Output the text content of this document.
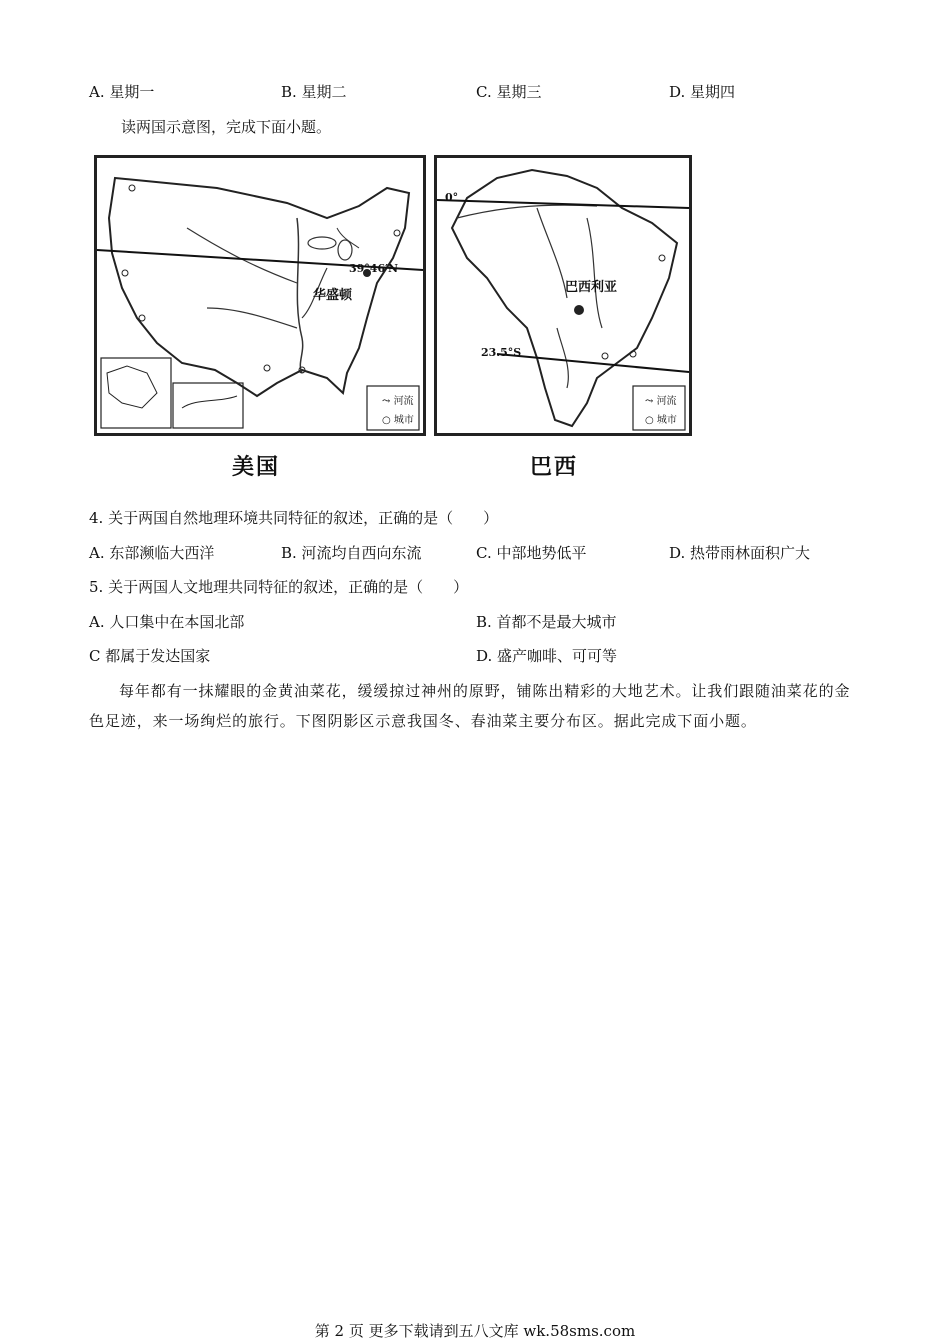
A. 星期一	B. 星期二	C. 星期三	D. 星期四
读两国示意图，完成下面小题。
39°46′N
华盛顿
⤳ 河流
○ 城市
美国
0°
23.5°S
巴西利亚
⤳ 河流
○ 城市
巴西
4. 关于两国自然地理环境共同特征的叙述，正确的是（　　）
A. 东部濒临大西洋	B. 河流均自西向东流	C. 中部地势低平	D. 热带雨林面积广大
5. 关于两国人文地理共同特征的叙述，正确的是（　　）
A. 人口集中在本国北部	B. 首都不是最大城市
C 都属于发达国家	D. 盛产咖啡、可可等
每年都有一抹耀眼的金黄油菜花，缓缓掠过神州的原野，铺陈出精彩的大地艺术。让我们跟随油菜花的金色足迹，来一场绚烂的旅行。下图阴影区示意我国冬、春油菜主要分布区。据此完成下面小题。
第 2 页 更多下载请到五八文库 wk.58sms.com
